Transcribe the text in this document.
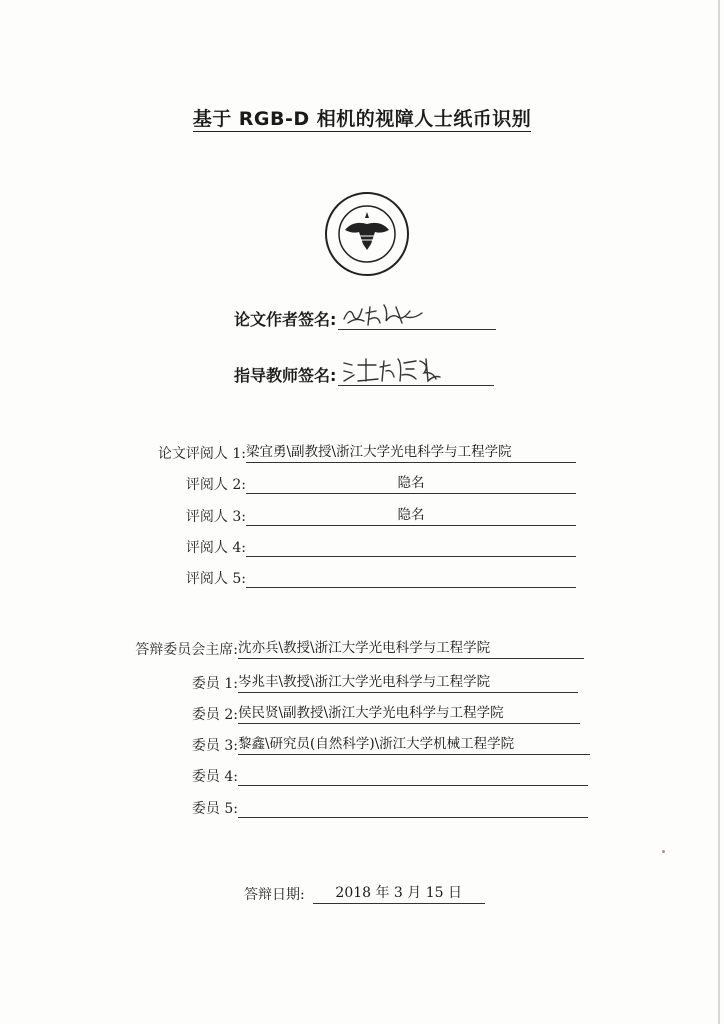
基于 RGB-D 相机的视障人士纸币识别
论文作者签名:
指导教师签名:
论文评阅人 1: 梁宜勇\副教授\浙江大学光电科学与工程学院
评阅人 2:	隐名
评阅人 3:	隐名
评阅人 4:
评阅人 5:
答辩委员会主席: 沈亦兵\教授\浙江大学光电科学与工程学院
委员 1: 岑兆丰\教授\浙江大学光电科学与工程学院
委员 2: 侯民贤\副教授\浙江大学光电科学与工程学院
委员 3: 黎鑫\研究员(自然科学)\浙江大学机械工程学院
委员 4:
委员 5:
答辩日期:	2018 年 3 月 15 日
